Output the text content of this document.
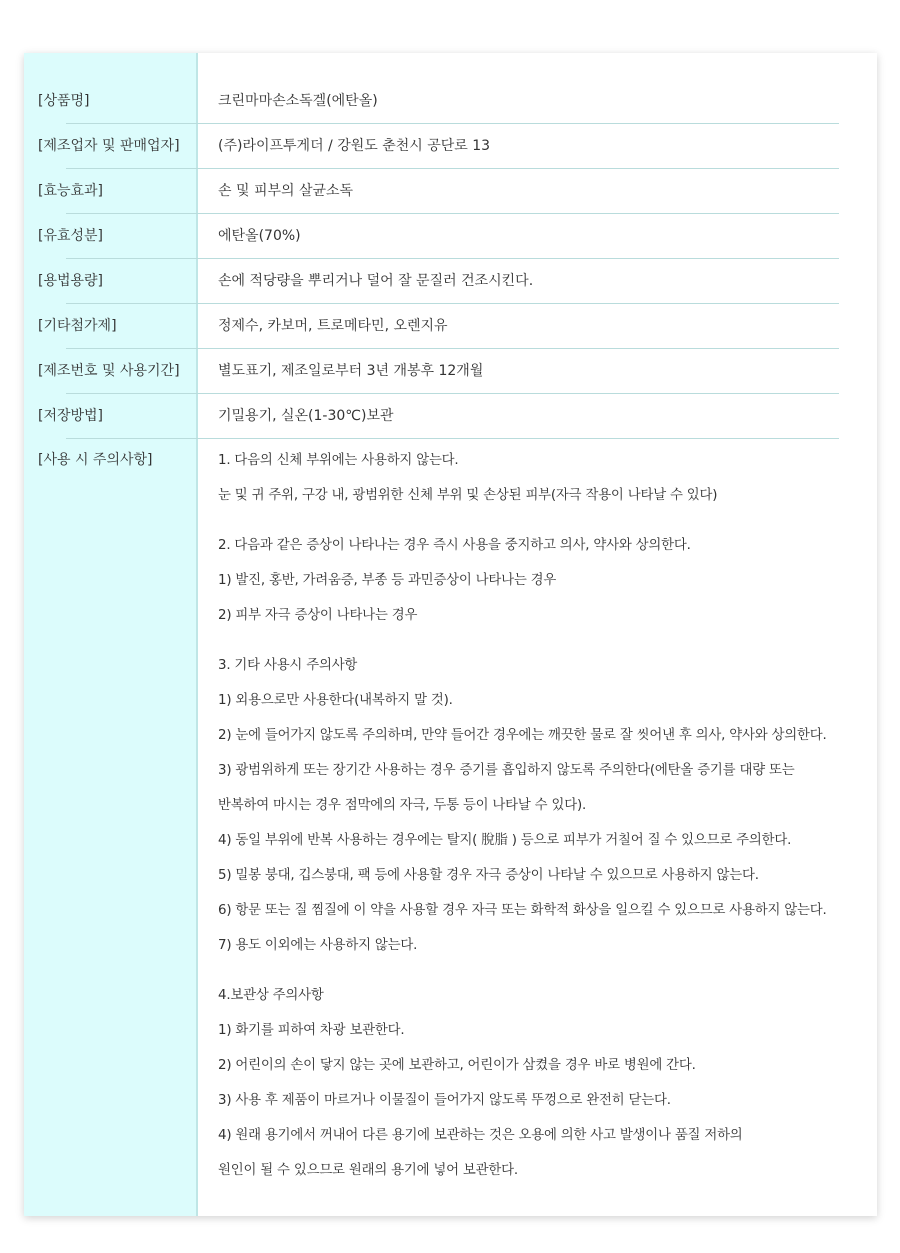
[상품명]	크린마마손소독겔(에탄올)
[제조업자 및 판매업자]	(주)라이프투게더 / 강원도 춘천시 공단로 13
[효능효과]	손 및 피부의 살균소독
[유효성분]	에탄올(70%)
[용법용량]	손에 적당량을 뿌리거나 덜어 잘 문질러 건조시킨다.
[기타첨가제]	정제수, 카보머, 트로메타민, 오렌지유
[제조번호 및 사용기간]	별도표기, 제조일로부터 3년 개봉후 12개월
[저장방법]	기밀용기, 실온(1-30℃)보관
[사용 시 주의사항]	1. 다음의 신체 부위에는 사용하지 않는다.
눈 및 귀 주위, 구강 내, 광범위한 신체 부위 및 손상된 피부(자극 작용이 나타날 수 있다)
2. 다음과 같은 증상이 나타나는 경우 즉시 사용을 중지하고 의사, 약사와 상의한다.
1) 발진, 홍반, 가려움증, 부종 등 과민증상이 나타나는 경우
2) 피부 자극 증상이 나타나는 경우
3. 기타 사용시 주의사항
1) 외용으로만 사용한다(내복하지 말 것).
2) 눈에 들어가지 않도록 주의하며, 만약 들어간 경우에는 깨끗한 물로 잘 씻어낸 후 의사, 약사와 상의한다.
3) 광범위하게 또는 장기간 사용하는 경우 증기를 흡입하지 않도록 주의한다(에탄올 증기를 대량 또는
반복하여 마시는 경우 점막에의 자극, 두통 등이 나타날 수 있다).
4) 동일 부위에 반복 사용하는 경우에는 탈지( 脫脂 ) 등으로 피부가 거칠어 질 수 있으므로 주의한다.
5) 밀봉 붕대, 깁스붕대, 팩 등에 사용할 경우 자극 증상이 나타날 수 있으므로 사용하지 않는다.
6) 항문 또는 질 찜질에 이 약을 사용할 경우 자극 또는 화학적 화상을 일으킬 수 있으므로 사용하지 않는다.
7) 용도 이외에는 사용하지 않는다.
4.보관상 주의사항
1) 화기를 피하여 차광 보관한다.
2) 어린이의 손이 닿지 않는 곳에 보관하고, 어린이가 삼켰을 경우 바로 병원에 간다.
3) 사용 후 제품이 마르거나 이물질이 들어가지 않도록 뚜껑으로 완전히 닫는다.
4) 원래 용기에서 꺼내어 다른 용기에 보관하는 것은 오용에 의한 사고 발생이나 품질 저하의
원인이 될 수 있으므로 원래의 용기에 넣어 보관한다.
